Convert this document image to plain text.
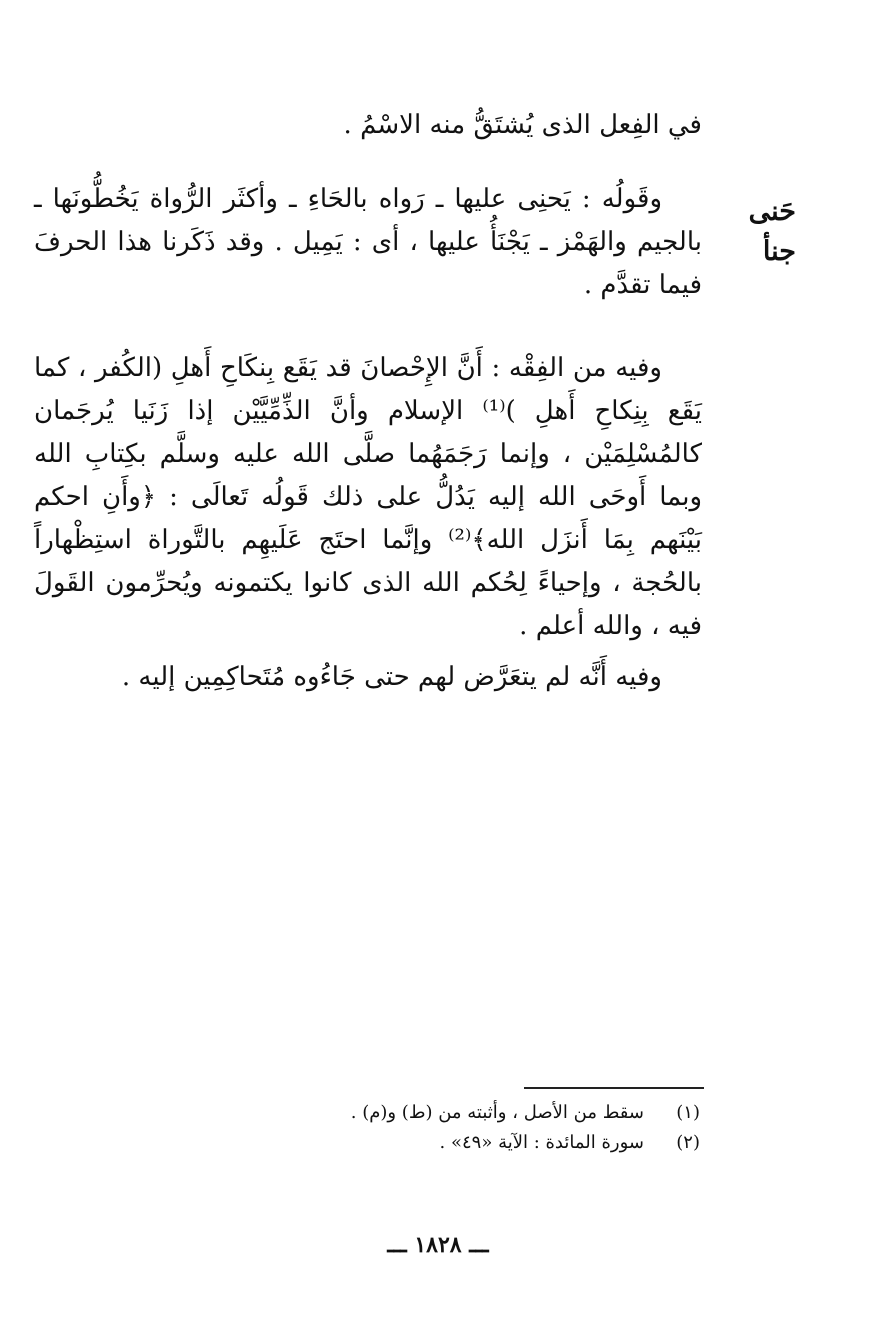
في الفِعل الذى يُشتَقُّ منه الاسْمُ .

وقَولُه : يَحنِى عليها ـ رَواه بالحَاءِ ـ وأكثَر الرُّواة يَخُطُّونَها ـ بالجيم والهَمْز ـ يَجْنَأُ عليها ، أى : يَمِيل . وقد ذَكَرنا هذا الحرفَ فيما تقدَّم .

حَنى
جنأ

وفيه من الفِقْه : أَنَّ الإِحْصانَ قد يَقَع بِنكَاحِ أَهلِ (الكُفر ، كما يَقَع بِنِكاحِ أَهلِ )⁽¹⁾ الإسلام وأنَّ الذِّمِّيَّيْن إذا زَنَيا يُرجَمان كالمُسْلِمَيْن ، وإنما رَجَمَهُما صلَّى الله عليه وسلَّم بكِتابِ الله وبما أَوحَى الله إليه يَدُلُّ على ذلك قَولُه تَعالَى : ﴿وأَنِ احكم بَيْنَهم بِمَا أَنزَل الله﴾⁽²⁾ وإنَّما احتَج عَلَيهِم بالتَّوراة استِظْهاراً بالحُجة ، وإحياءً لِحُكم الله الذى كانوا يكتمونه ويُحرِّمون القَولَ فيه ، والله أعلم .

وفيه أَنَّه لم يتعَرَّض لهم حتى جَاءُوه مُتَحاكِمِين إليه .

(١)
سقط من الأصل ، وأثبته من (ط) و(م) .
(٢)
سورة المائدة : الآية «٤٩» .
ـــ ١٨٢٨ ـــ
